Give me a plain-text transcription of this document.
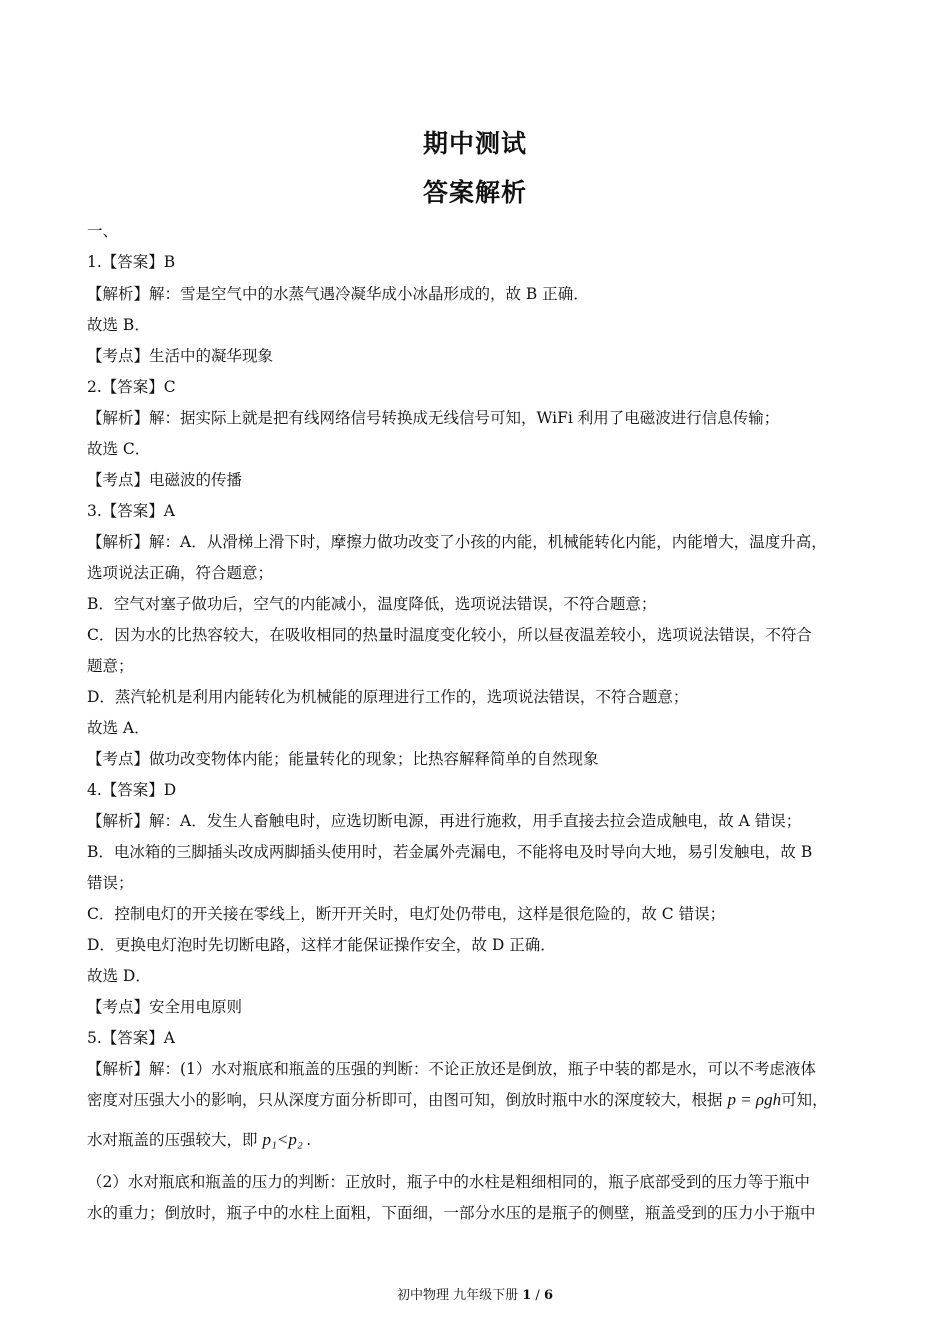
期中测试
答案解析
一、
1.【答案】B
【解析】解：雪是空气中的水蒸气遇冷凝华成小冰晶形成的，故 B 正确．
故选 B．
【考点】生活中的凝华现象
2.【答案】C
【解析】解：据实际上就是把有线网络信号转换成无线信号可知，WiFi 利用了电磁波进行信息传输；
故选 C．
【考点】电磁波的传播
3.【答案】A
【解析】解：A．从滑梯上滑下时，摩擦力做功改变了小孩的内能，机械能转化内能，内能增大，温度升高，
选项说法正确，符合题意；
B．空气对塞子做功后，空气的内能减小，温度降低，选项说法错误，不符合题意；
C．因为水的比热容较大，在吸收相同的热量时温度变化较小，所以昼夜温差较小，选项说法错误，不符合
题意；
D．蒸汽轮机是利用内能转化为机械能的原理进行工作的，选项说法错误，不符合题意；
故选 A．
【考点】做功改变物体内能；能量转化的现象；比热容解释简单的自然现象
4.【答案】D
【解析】解：A．发生人畜触电时，应选切断电源，再进行施救，用手直接去拉会造成触电，故 A 错误；
B．电冰箱的三脚插头改成两脚插头使用时，若金属外壳漏电，不能将电及时导向大地，易引发触电，故 B
错误；
C．控制电灯的开关接在零线上，断开开关时，电灯处仍带电，这样是很危险的，故 C 错误；
D．更换电灯泡时先切断电路，这样才能保证操作安全，故 D 正确．
故选 D．
【考点】安全用电原则
5.【答案】A
【解析】解：(1）水对瓶底和瓶盖的压强的判断：不论正放还是倒放，瓶子中装的都是水，可以不考虑液体
密度对压强大小的影响，只从深度方面分析即可，由图可知，倒放时瓶中水的深度较大，根据 p = ρgh可知，
水对瓶盖的压强较大，即 p₁<p₂ .
（2）水对瓶底和瓶盖的压力的判断：正放时，瓶子中的水柱是粗细相同的，瓶子底部受到的压力等于瓶中
水的重力；倒放时，瓶子中的水柱上面粗，下面细，一部分水压的是瓶子的侧壁，瓶盖受到的压力小于瓶中
初中物理 九年级下册 1 / 6
